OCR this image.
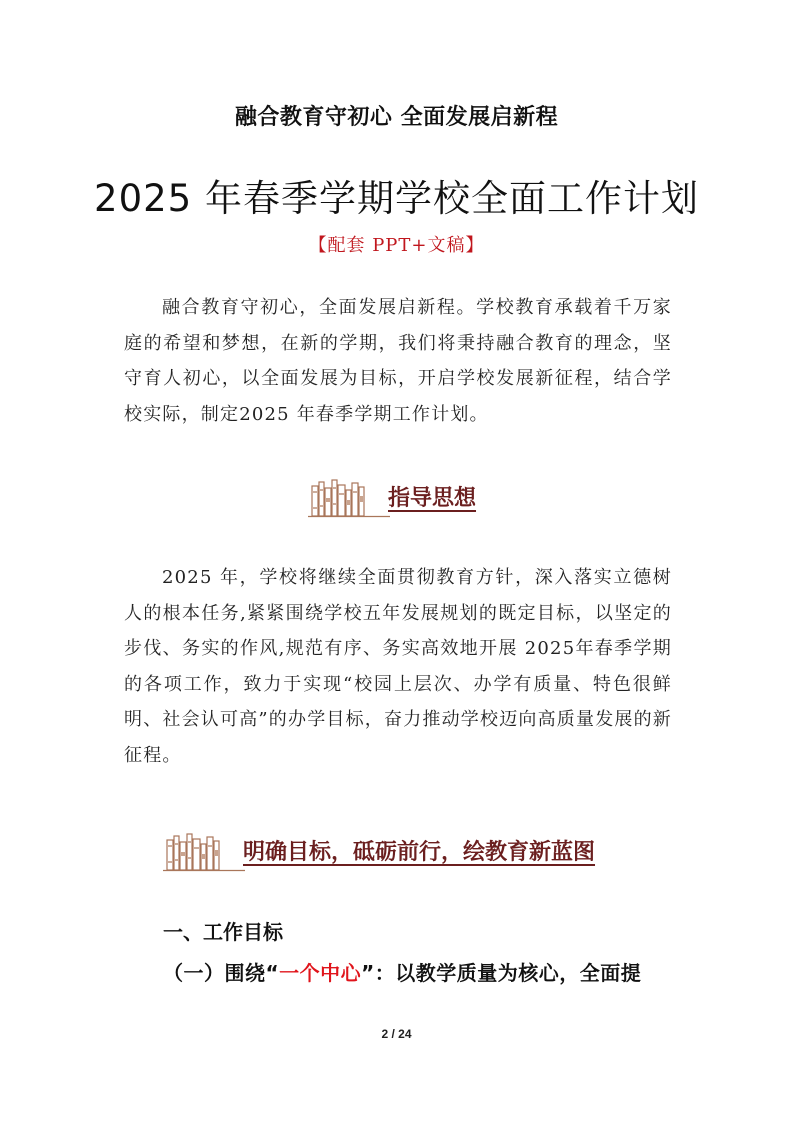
融合教育守初心 全面发展启新程
2025 年春季学期学校全面工作计划
【配套 PPT+文稿】

融合教育守初心，全面发展启新程。学校教育承载着千万家庭的希望和梦想，在新的学期，我们将秉持融合教育的理念，坚守育人初心，以全面发展为目标，开启学校发展新征程，结合学校实际，制定2025 年春季学期工作计划。

指导思想

2025 年，学校将继续全面贯彻教育方针，深入落实立德树人的根本任务,紧紧围绕学校五年发展规划的既定目标，以坚定的步伐、务实的作风,规范有序、务实高效地开展 2025年春季学期的各项工作，致力于实现“校园上层次、办学有质量、特色很鲜明、社会认可高”的办学目标，奋力推动学校迈向高质量发展的新征程。

明确目标，砥砺前行，绘教育新蓝图
一、工作目标
（一）围绕“一个中心”：以教学质量为核心，全面提
2 / 24
